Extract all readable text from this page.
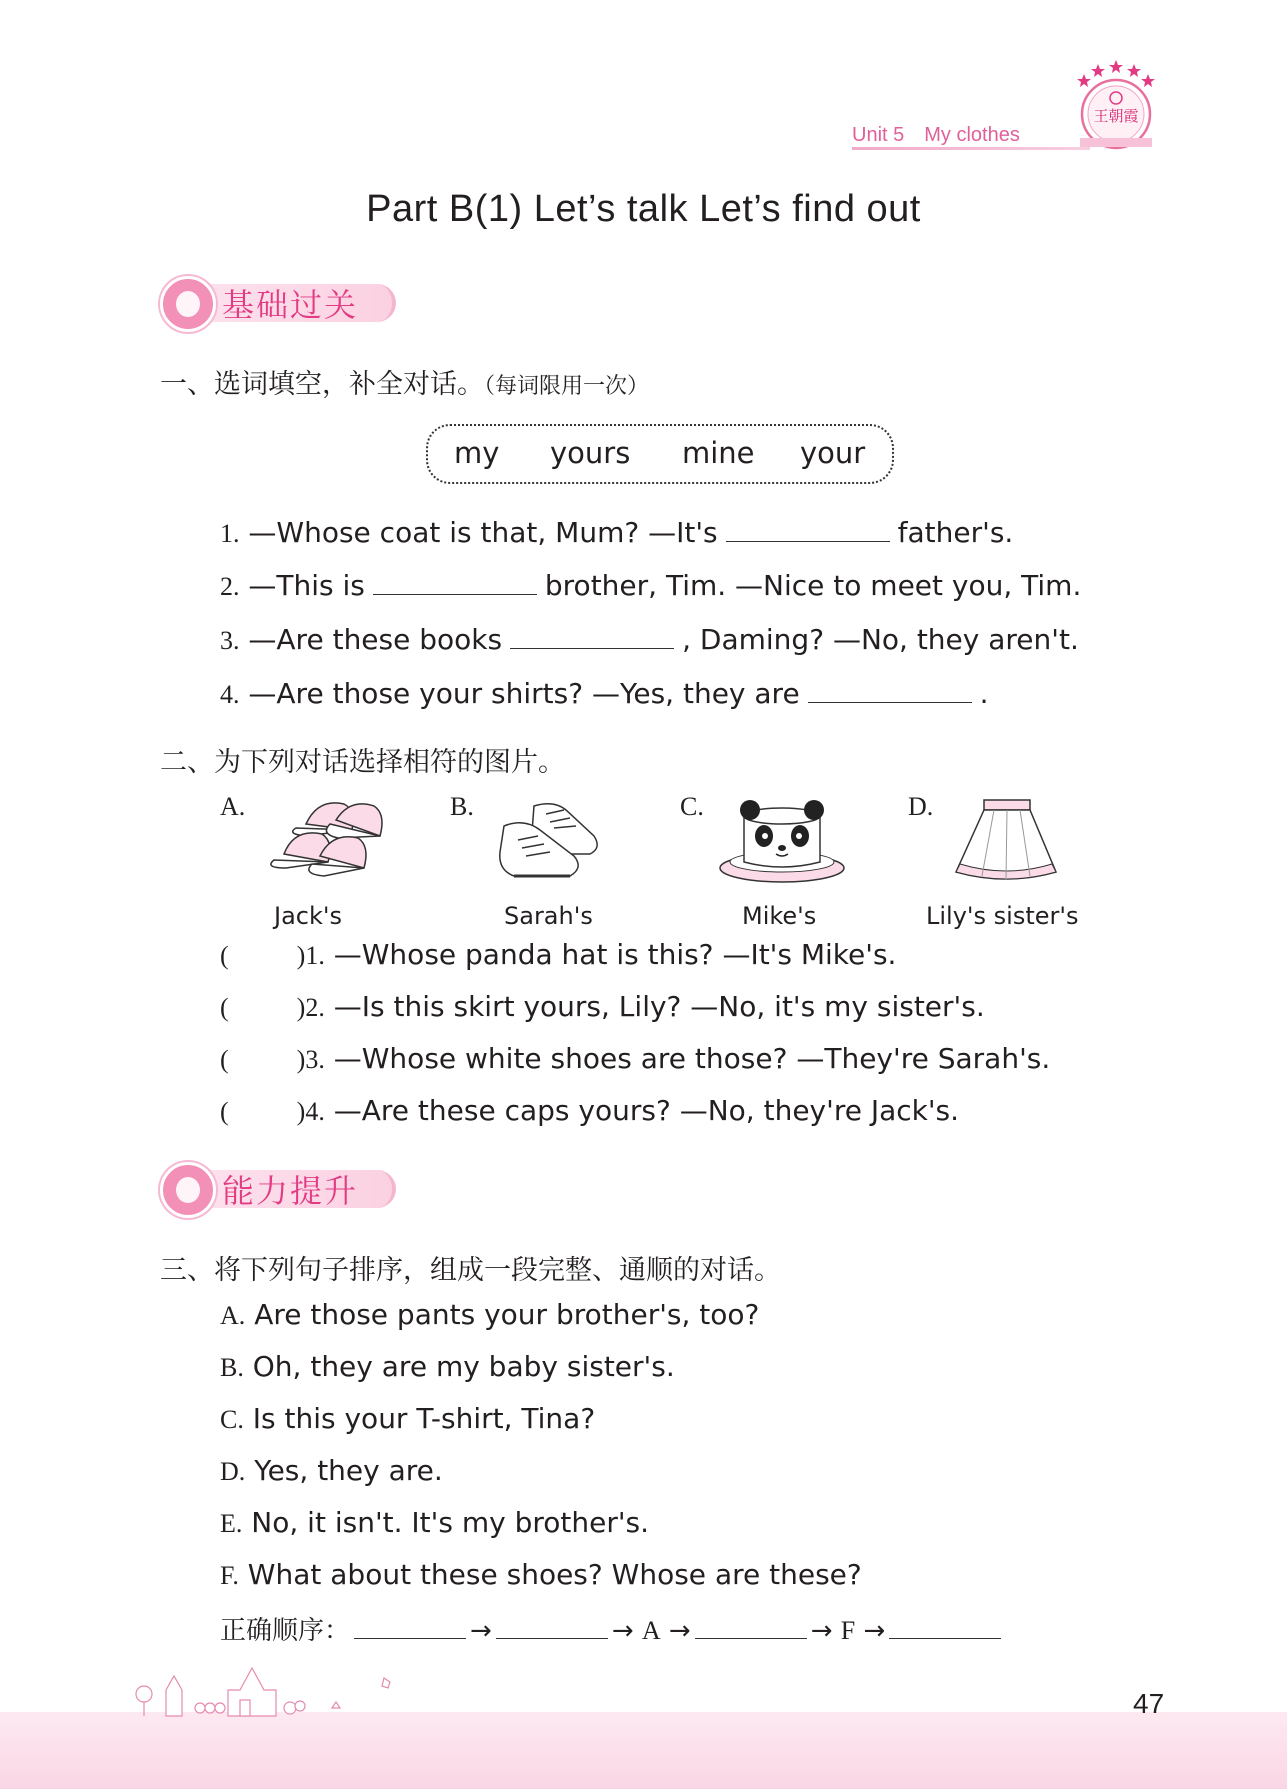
Unit 5 My clothes
王朝霞
Part B(1) Let’s talk Let’s find out
基础过关
一、选词填空，补全对话。（每词限用一次）
my yours mine your
1. —Whose coat is that, Mum? —It's	father's.
2. —This is	brother, Tim. —Nice to meet you, Tim.
3. —Are these books	, Daming? —No, they aren't.
4. —Are those your shirts? —Yes, they are	.
二、为下列对话选择相符的图片。
A.	B.	C.	D.
Jack's	Sarah's	Mike's	Lily's sister's
(	)1. —Whose panda hat is this? —It's Mike's.
(	)2. —Is this skirt yours, Lily? —No, it's my sister's.
(	)3. —Whose white shoes are those? —They're Sarah's.
(	)4. —Are these caps yours? —No, they're Jack's.
能力提升
三、将下列句子排序，组成一段完整、通顺的对话。
A. Are those pants your brother's, too?
B. Oh, they are my baby sister's.
C. Is this your T-shirt, Tina?
D. Yes, they are.
E. No, it isn't. It's my brother's.
F. What about these shoes? Whose are these?
正确顺序：	→	→ A →	→ F →
47
